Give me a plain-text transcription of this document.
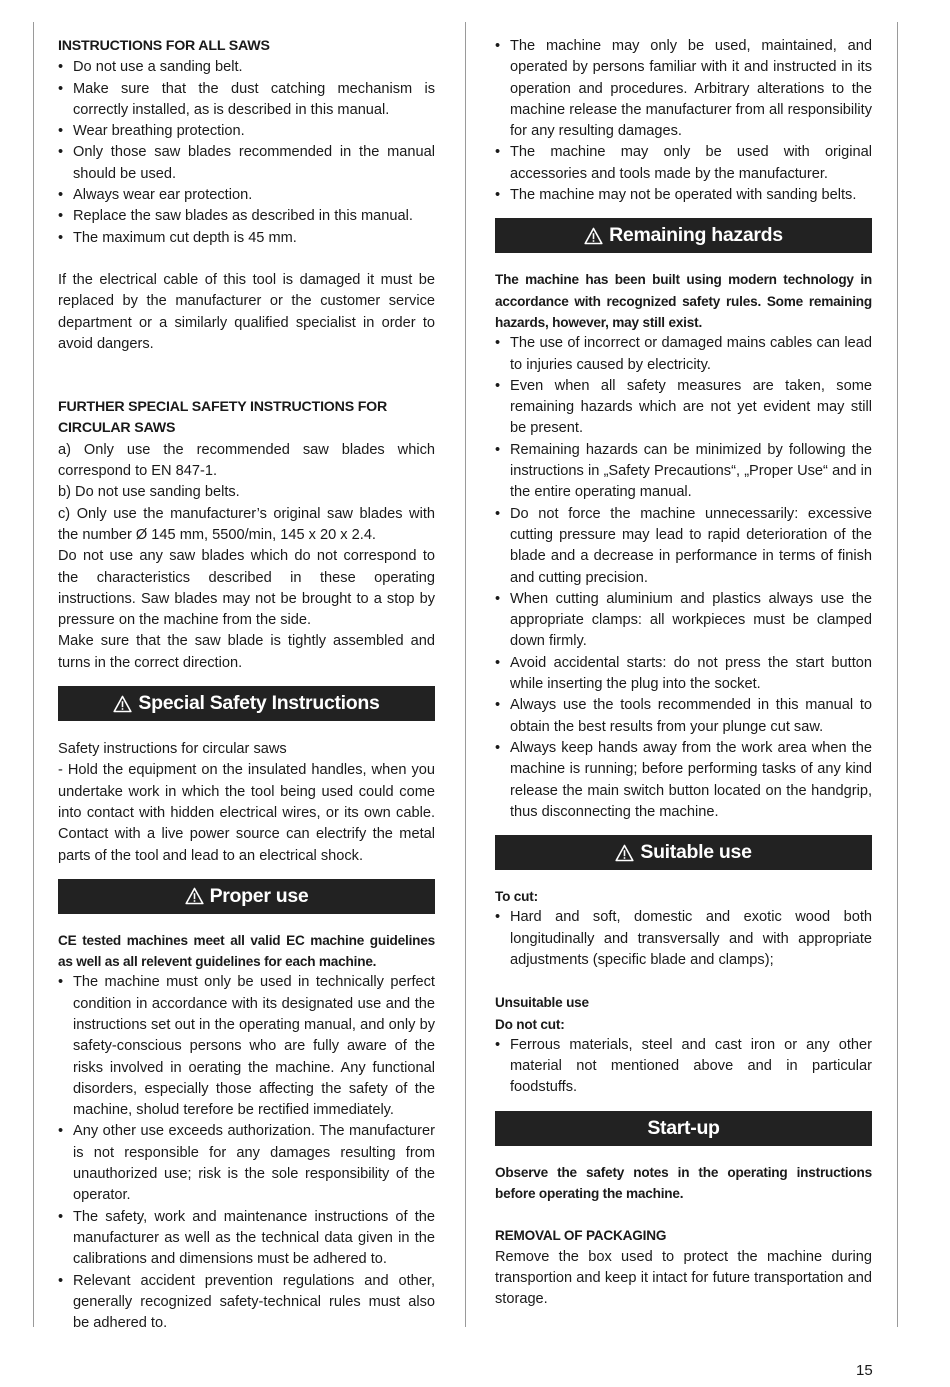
INSTRUCTIONS FOR ALL SAWS
• Do not use a sanding belt.
• Make sure that the dust catching mechanism is correctly installed, as is described in this manual.
• Wear breathing protection.
• Only those saw blades recommended in the manual should be used.
• Always wear ear protection.
• Replace the saw blades as described in this manual.
• The maximum cut depth is 45 mm.

If the electrical cable of this tool is damaged it must be replaced by the manufacturer or the customer service department or a similarly qualified specialist in order to avoid dangers.

FURTHER SPECIAL SAFETY INSTRUCTIONS FOR
CIRCULAR SAWS

a) Only use the recommended saw blades which correspond to EN 847-1.

b) Do not use sanding belts.

c) Only use the manufacturer’s original saw blades with the number Ø 145 mm, 5500/min, 145 x 20 x 2.4.

Do not use any saw blades which do not correspond to the characteristics described in these operating instructions. Saw blades may not be brought to a stop by pressure on the machine from the side.

Make sure that the saw blade is tightly assembled and turns in the correct direction.

Special Safety Instructions

Safety instructions for circular saws

- Hold the equipment on the insulated handles, when you undertake work in which the tool being used could come into contact with hidden electrical wires, or its own cable. Contact with a live power source can electrify the metal parts of the tool and lead to an electrical shock.

Proper use

CE tested machines meet all valid EC machine guidelines as well as all relevent guidelines for each machine.

• The machine must only be used in technically perfect condition in accordance with its designated use and the instructions set out in the operating manual, and only by safety-conscious persons who are fully aware of the risks involved in oerating the machine. Any functional disorders, especially those affecting the safety of the machine, sholud terefore be rectified immediately.
• Any other use exceeds authorization. The manufacturer is not responsible for any damages resulting from unauthorized use; risk is the sole responsibility of the operator.
• The safety, work and maintenance instructions of the manufacturer as well as the technical data given in the calibrations and dimensions must be adhered to.
• Relevant accident prevention regulations and other, generally recognized safety-technical rules must also be adhered to.
• The machine may only be used, maintained, and operated by persons familiar with it and instructed in its operation and procedures. Arbitrary alterations to the machine release the manufacturer from all responsibility for any resulting damages.
• The machine may only be used with original accessories and tools made by the manufacturer.
• The machine may not be operated with sanding belts.
Remaining hazards

The machine has been built using modern technology in accordance with recognized safety rules. Some remaining hazards, however, may still exist.

• The use of incorrect or damaged mains cables can lead to injuries caused by electricity.
• Even when all safety measures are taken, some remaining hazards which are not yet evident may still be present.
• Remaining hazards can be minimized by following the instructions in „Safety Precautions“, „Proper Use“ and in the entire operating manual.
• Do not force the machine unnecessarily: excessive cutting pressure may lead to rapid deterioration of the blade and a decrease in performance in terms of finish and cutting precision.
• When cutting aluminium and plastics always use the appropriate clamps: all workpieces must be clamped down firmly.
• Avoid accidental starts: do not press the start button while inserting the plug into the socket.
• Always use the tools recommended in this manual to obtain the best results from your plunge cut saw.
• Always keep hands away from the work area when the machine is running; before performing tasks of any kind release the main switch button located on the handgrip, thus disconnecting the machine.
Suitable use
To cut:
• Hard and soft, domestic and exotic wood both longitudinally and transversally and with appropriate adjustments (specific blade and clamps);
Unsuitable use
Do not cut:
• Ferrous materials, steel and cast iron or any other material not mentioned above and in particular foodstuffs.
Start-up

Observe the safety notes in the operating instructions before operating the machine.

REMOVAL OF PACKAGING

Remove the box used to protect the machine during transportion and keep it intact for future transportation and storage.

15
